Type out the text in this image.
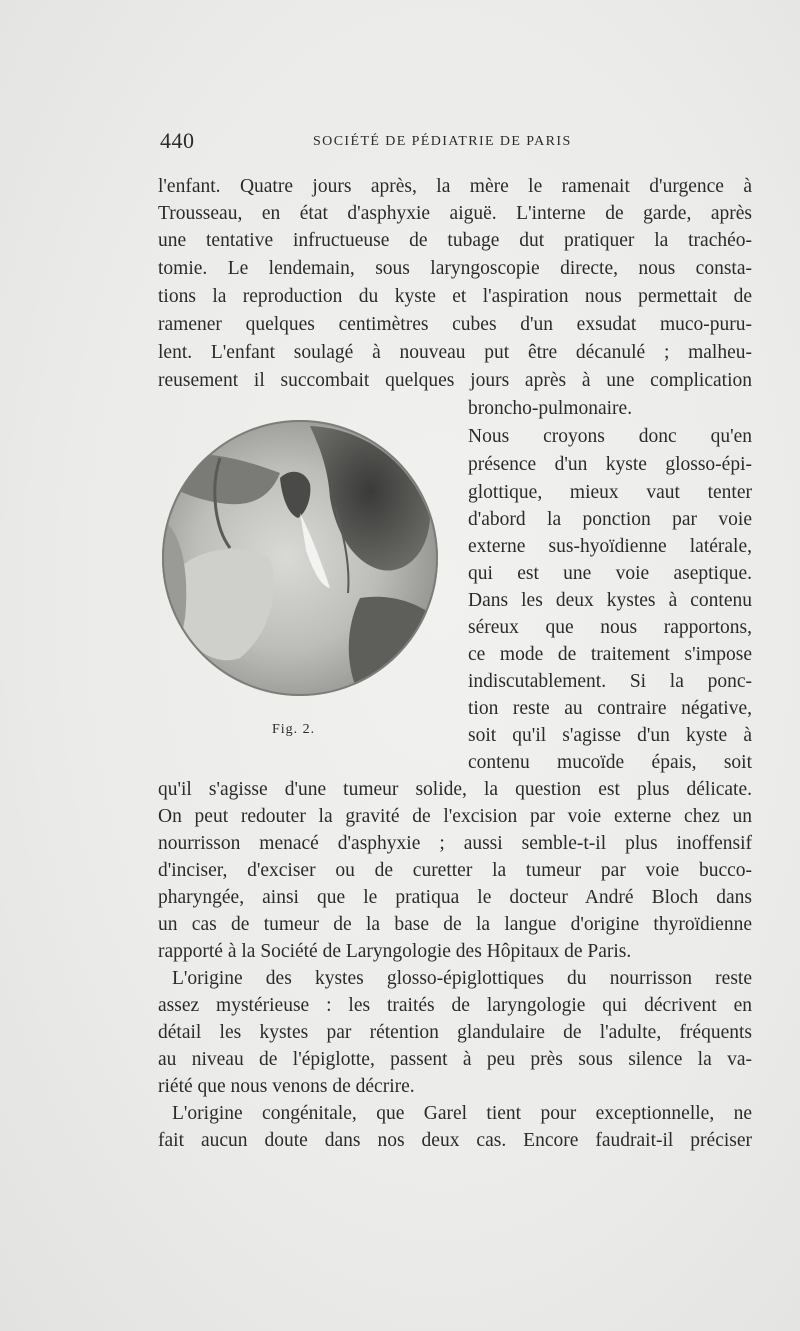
440	SOCIÉTÉ DE PÉDIATRIE DE PARIS
l'enfant. Quatre jours après, la mère le ramenait d'urgence à
Trousseau, en état d'asphyxie aiguë. L'interne de garde, après
une tentative infructueuse de tubage dut pratiquer la trachéo-
tomie. Le lendemain, sous laryngoscopie directe, nous consta-
tions la reproduction du kyste et l'aspiration nous permettait de
ramener quelques centimètres cubes d'un exsudat muco-puru-
lent. L'enfant soulagé à nouveau put être décanulé ; malheu-
reusement il succombait quelques jours après à une complication
Fig. 2.
broncho-pulmonaire.
Nous croyons donc qu'en
présence d'un kyste glosso-épi-
glottique, mieux vaut tenter
d'abord la ponction par voie
externe sus-hyoïdienne latérale,
qui est une voie aseptique.
Dans les deux kystes à contenu
séreux que nous rapportons,
ce mode de traitement s'impose
indiscutablement. Si la ponc-
tion reste au contraire négative,
soit qu'il s'agisse d'un kyste à
contenu mucoïde épais, soit
qu'il s'agisse d'une tumeur solide, la question est plus délicate.
On peut redouter la gravité de l'excision par voie externe chez un
nourrisson menacé d'asphyxie ; aussi semble-t-il plus inoffensif
d'inciser, d'exciser ou de curetter la tumeur par voie bucco-
pharyngée, ainsi que le pratiqua le docteur André Bloch dans
un cas de tumeur de la base de la langue d'origine thyroïdienne
rapporté à la Société de Laryngologie des Hôpitaux de Paris.
L'origine des kystes glosso-épiglottiques du nourrisson reste
assez mystérieuse : les traités de laryngologie qui décrivent en
détail les kystes par rétention glandulaire de l'adulte, fréquents
au niveau de l'épiglotte, passent à peu près sous silence la va-
riété que nous venons de décrire.
L'origine congénitale, que Garel tient pour exceptionnelle, ne
fait aucun doute dans nos deux cas. Encore faudrait-il préciser
